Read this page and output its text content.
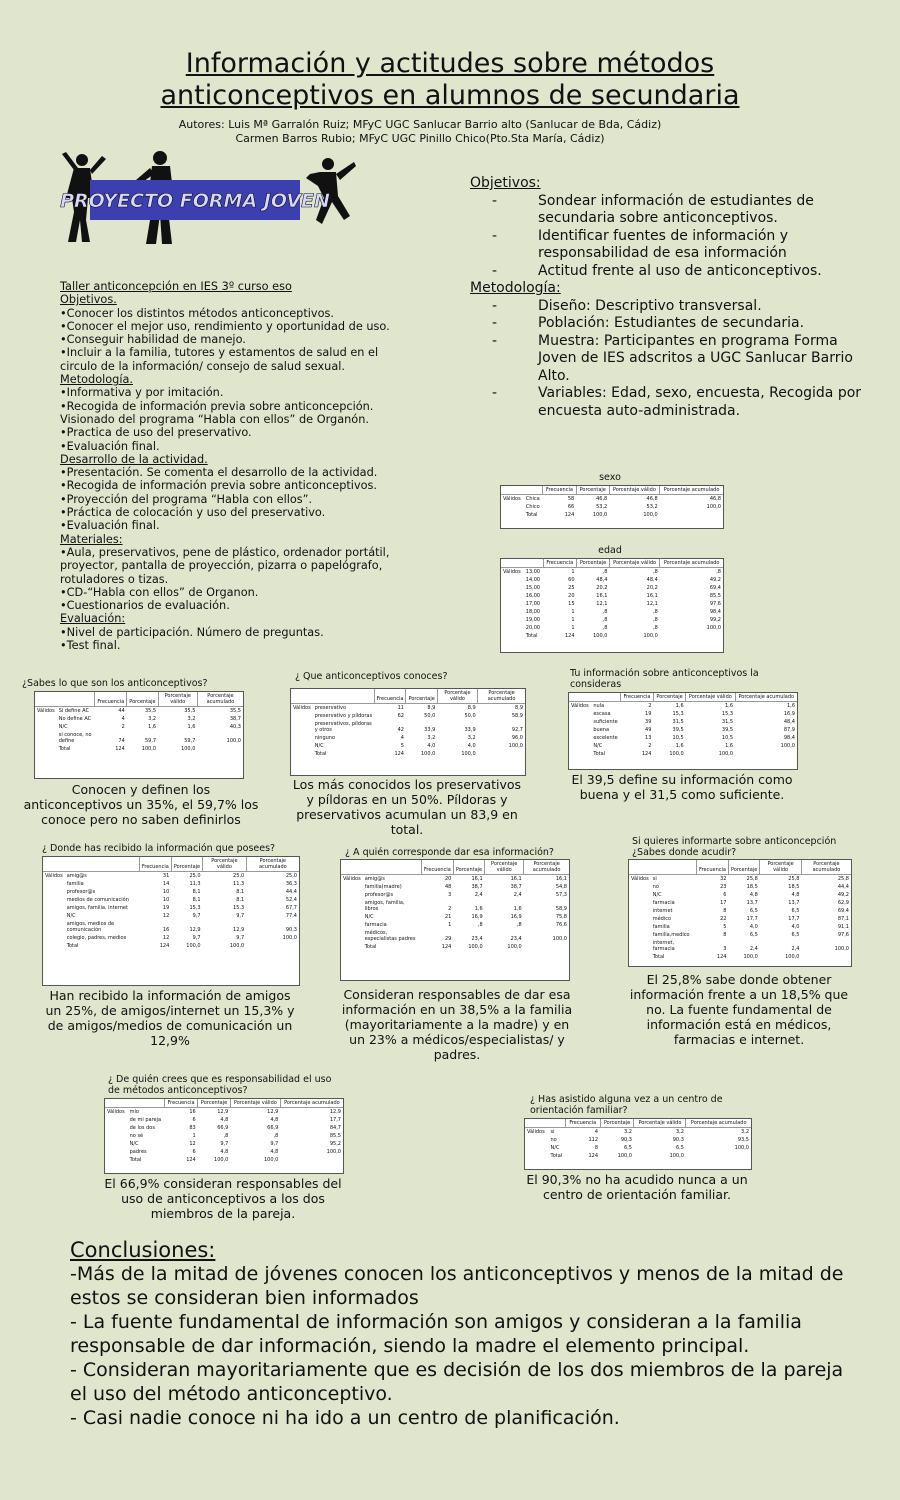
Información y actitudes sobre métodos
anticonceptivos en alumnos de secundaria
Autores: Luis Mª Garralón Ruiz; MFyC UGC Sanlucar Barrio alto (Sanlucar de Bda, Cádiz)
Carmen Barros Rubio; MFyC UGC Pinillo Chico(Pto.Sta María, Cádiz)
PROYECTO FORMA JOVEN
Objetivos:
- Sondear información de estudiantes de secundaria sobre anticonceptivos.
- Identificar fuentes de información y responsabilidad de esa información
- Actitud frente al uso de anticonceptivos.
Metodología:
- Diseño: Descriptivo transversal.
- Población: Estudiantes de secundaria.
- Muestra: Participantes en programa Forma Joven de IES adscritos a UGC Sanlucar Barrio Alto.
- Variables: Edad, sexo, encuesta, Recogida por encuesta auto-administrada.
Taller anticoncepción en IES 3º curso eso
Objetivos.
•Conocer los distintos métodos anticonceptivos.
•Conocer el mejor uso, rendimiento y oportunidad de uso.
•Conseguir habilidad de manejo.
•Incluir a la familia, tutores y estamentos de salud en el circulo de la información/ consejo de salud sexual.
Metodología.
•Informativa y por imitación.
•Recogida de información previa sobre anticoncepción. Visionado del programa “Habla con ellos” de Organón.
•Practica de uso del preservativo.
•Evaluación final.
Desarrollo de la actividad.
•Presentación. Se comenta el desarrollo de la actividad.
•Recogida de información previa sobre anticonceptivos.
•Proyección del programa “Habla con ellos”.
•Práctica de colocación y uso del preservativo.
•Evaluación final.
Materiales:
•Aula, preservativos, pene de plástico, ordenador portátil, proyector, pantalla de proyección, pizarra o papelógrafo, rotuladores o tizas.
•CD-“Habla con ellos” de Organon.
•Cuestionarios de evaluación.
Evaluación:
•Nivel de participación. Número de preguntas.
•Test final.
sexo
		Frecuencia	Porcentaje	Porcentaje válido	Porcentaje acumulado
Válidos	Chica	58	46,8	46,8	46,8
	Chico	66	53,2	53,2	100,0
	Total	124	100,0	100,0	
edad
		Frecuencia	Porcentaje	Porcentaje válido	Porcentaje acumulado
Válidos	13,00	1	,8	,8	,8
	14,00	60	48,4	48,4	49,2
	15,00	25	20,2	20,2	69,4
	16,00	20	16,1	16,1	85,5
	17,00	15	12,1	12,1	97,6
	18,00	1	,8	,8	98,4
	19,00	1	,8	,8	99,2
	20,00	1	,8	,8	100,0
	Total	124	100,0	100,0	
¿Sabes lo que son los anticonceptivos?
		Frecuencia	Porcentaje	Porcentaje válido	Porcentaje acumulado
Válidos	Si define AC	44	35,5	35,5	35,5
	No define AC	4	3,2	3,2	38,7
	N/C	2	1,6	1,6	40,3
	si conoce, no define	74	59,7	59,7	100,0
	Total	124	100,0	100,0	
Conocen y definen los anticonceptivos un 35%, el 59,7% los conoce pero no saben definirlos
¿ Que anticonceptivos conoces?
		Frecuencia	Porcentaje	Porcentaje válido	Porcentaje acumulado
Válidos	preservativo	11	8,9	8,9	8,9
	preservativo y píldoras	62	50,0	50,0	58,9
	preservativos, píldoras y otros	42	33,9	33,9	92,7
	ninguno	4	3,2	3,2	96,0
	N/C	5	4,0	4,0	100,0
	Total	124	100,0	100,0	
Los más conocidos los preservativos y píldoras en un 50%. Píldoras y preservativos acumulan un 83,9 en total.
Tu información sobre anticonceptivos la consideras
		Frecuencia	Porcentaje	Porcentaje válido	Porcentaje acumulado
Válidos	nula	2	1,6	1,6	1,6
	escasa	19	15,3	15,3	16,9
	suficiente	39	31,5	31,5	48,4
	buena	49	39,5	39,5	87,9
	excelente	13	10,5	10,5	98,4
	N/C	2	1,6	1,6	100,0
	Total	124	100,0	100,0	
El 39,5 define su información como buena y el 31,5 como suficiente.
¿ Donde has recibido la información que posees?
		Frecuencia	Porcentaje	Porcentaje válido	Porcentaje acumulado
Válidos	amig@s	31	25,0	25,0	25,0
	familia	14	11,3	11,3	36,3
	profesor@s	10	8,1	8,1	44,4
	medios de comunicación	10	8,1	8,1	52,4
	amigos, familia, internet	19	15,3	15,3	67,7
	N/C	12	9,7	9,7	77,4
	amigos, medios de comunicación	16	12,9	12,9	90,3
	colegio, padres, medios	12	9,7	9,7	100,0
	Total	124	100,0	100,0	
Han recibido la información de amigos un 25%, de amigos/internet un 15,3% y de amigos/medios de comunicación un 12,9%
¿ A quién corresponde dar esa información?
		Frecuencia	Porcentaje	Porcentaje válido	Porcentaje acumulado
Válidos	amig@s	20	16,1	16,1	16,1
	familia(madre)	48	38,7	38,7	54,8
	profesor@s	3	2,4	2,4	57,3
	amigos, familia, libros	2	1,6	1,6	58,9
	N/C	21	16,9	16,9	75,8
	farmacia	1	,8	,8	76,6
	médicos, especialistas padres	29	23,4	23,4	100,0
	Total	124	100,0	100,0	
Consideran responsables de dar esa información en un 38,5% a la familia (mayoritariamente a la madre) y en un 23% a médicos/especialistas/ y padres.
Si quieres informarte sobre anticoncepción ¿Sabes donde acudir?
		Frecuencia	Porcentaje	Porcentaje válido	Porcentaje acumulado
Válidos	si	32	25,8	25,8	25,8
	no	23	18,5	18,5	44,4
	N/C	6	4,8	4,8	49,2
	farmacia	17	13,7	13,7	62,9
	internet	8	6,5	6,5	69,4
	médico	22	17,7	17,7	87,1
	familia	5	4,0	4,0	91,1
	familia,medico	8	6,5	6,5	97,6
	internet, farmacia	3	2,4	2,4	100,0
	Total	124	100,0	100,0	
El 25,8% sabe donde obtener información frente a un 18,5% que no. La fuente fundamental de información está en médicos, farmacias e internet.
¿ De quién crees que es responsabilidad el uso de métodos anticonceptivos?
		Frecuencia	Porcentaje	Porcentaje válido	Porcentaje acumulado
Válidos	mío	16	12,9	12,9	12,9
	de mi pareja	6	4,8	4,8	17,7
	de los dos	83	66,9	66,9	84,7
	no sé	1	,8	,8	85,5
	N/C	12	9,7	9,7	95,2
	padres	6	4,8	4,8	100,0
	Total	124	100,0	100,0	
El 66,9% consideran responsables del uso de anticonceptivos a los dos miembros de la pareja.
¿ Has asistido alguna vez a un centro de orientación familiar?
		Frecuencia	Porcentaje	Porcentaje válido	Porcentaje acumulado
Válidos	si	4	3,2	3,2	3,2
	no	112	90,3	90,3	93,5
	N/C	8	6,5	6,5	100,0
	Total	124	100,0	100,0	
El 90,3% no ha acudido nunca a un centro de orientación familiar.
Conclusiones:
-Más de la mitad de jóvenes conocen los anticonceptivos y menos de la mitad de estos se consideran bien informados
- La fuente fundamental de información son amigos y consideran a la familia responsable de dar información, siendo la madre el elemento principal.
- Consideran mayoritariamente que es decisión de los dos miembros de la pareja el uso del método anticonceptivo.
- Casi nadie conoce ni ha ido a un centro de planificación.
